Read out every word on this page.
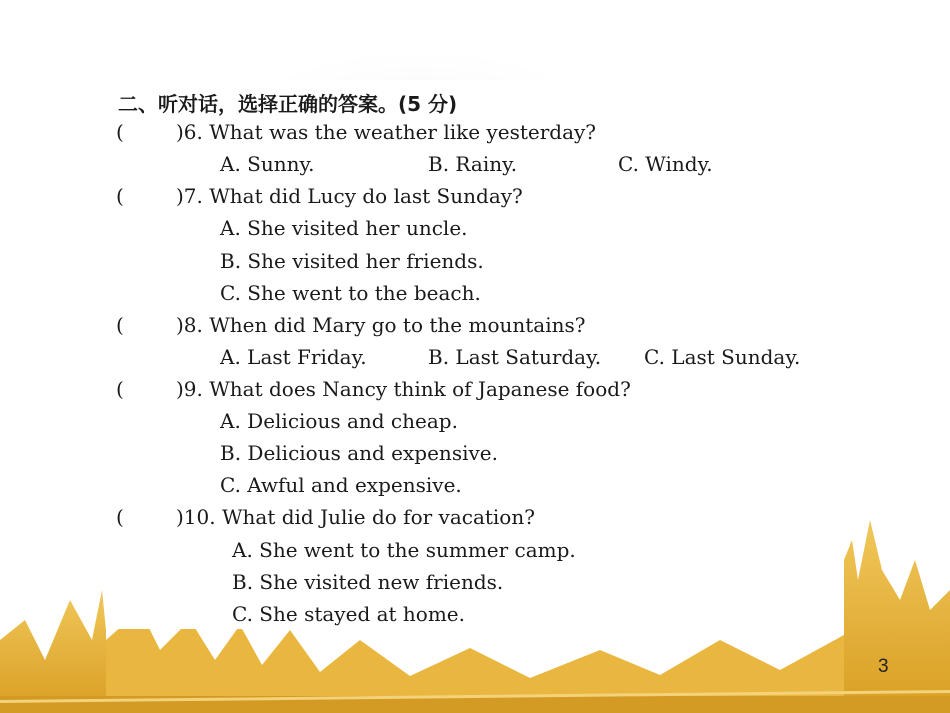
二、听对话，选择正确的答案。(5 分)
(	)6. What was the weather like yesterday?
A. Sunny.	B. Rainy.	C. Windy.
(	)7. What did Lucy do last Sunday?
A. She visited her uncle.
B. She visited her friends.
C. She went to the beach.
(	)8. When did Mary go to the mountains?
A. Last Friday.	B. Last Saturday. C. Last Sunday.
(	)9. What does Nancy think of Japanese food?
A. Delicious and cheap.
B. Delicious and expensive.
C. Awful and expensive.
(	)10. What did Julie do for vacation?
A. She went to the summer camp.
B. She visited new friends.
C. She stayed at home.
3
